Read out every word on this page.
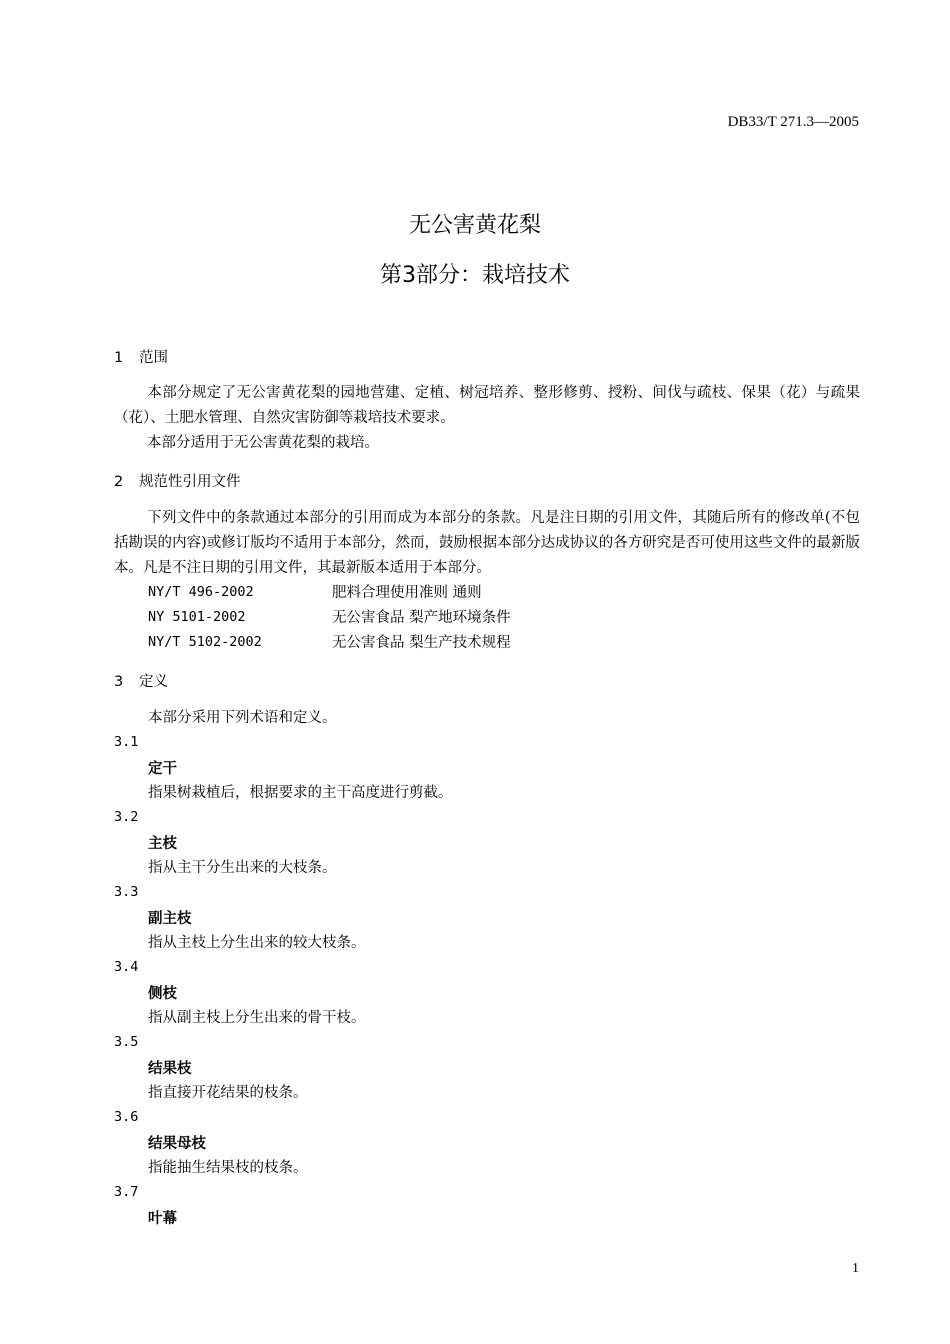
DB33/T 271.3—2005
无公害黄花梨
第3部分：栽培技术
1 范围
本部分规定了无公害黄花梨的园地营建、定植、树冠培养、整形修剪、授粉、间伐与疏枝、保果（花）与疏果（花）、土肥水管理、自然灾害防御等栽培技术要求。
本部分适用于无公害黄花梨的栽培。
2 规范性引用文件
下列文件中的条款通过本部分的引用而成为本部分的条款。凡是注日期的引用文件，其随后所有的修改单(不包括勘误的内容)或修订版均不适用于本部分，然而，鼓励根据本部分达成协议的各方研究是否可使用这些文件的最新版本。凡是不注日期的引用文件，其最新版本适用于本部分。
NY/T 496-2002	肥料合理使用准则 通则
NY 5101-2002	无公害食品 梨产地环境条件
NY/T 5102-2002	无公害食品 梨生产技术规程
3 定义
本部分采用下列术语和定义。
3.1
定干
指果树栽植后，根据要求的主干高度进行剪截。
3.2
主枝
指从主干分生出来的大枝条。
3.3
副主枝
指从主枝上分生出来的较大枝条。
3.4
侧枝
指从副主枝上分生出来的骨干枝。
3.5
结果枝
指直接开花结果的枝条。
3.6
结果母枝
指能抽生结果枝的枝条。
3.7
叶幕
1
